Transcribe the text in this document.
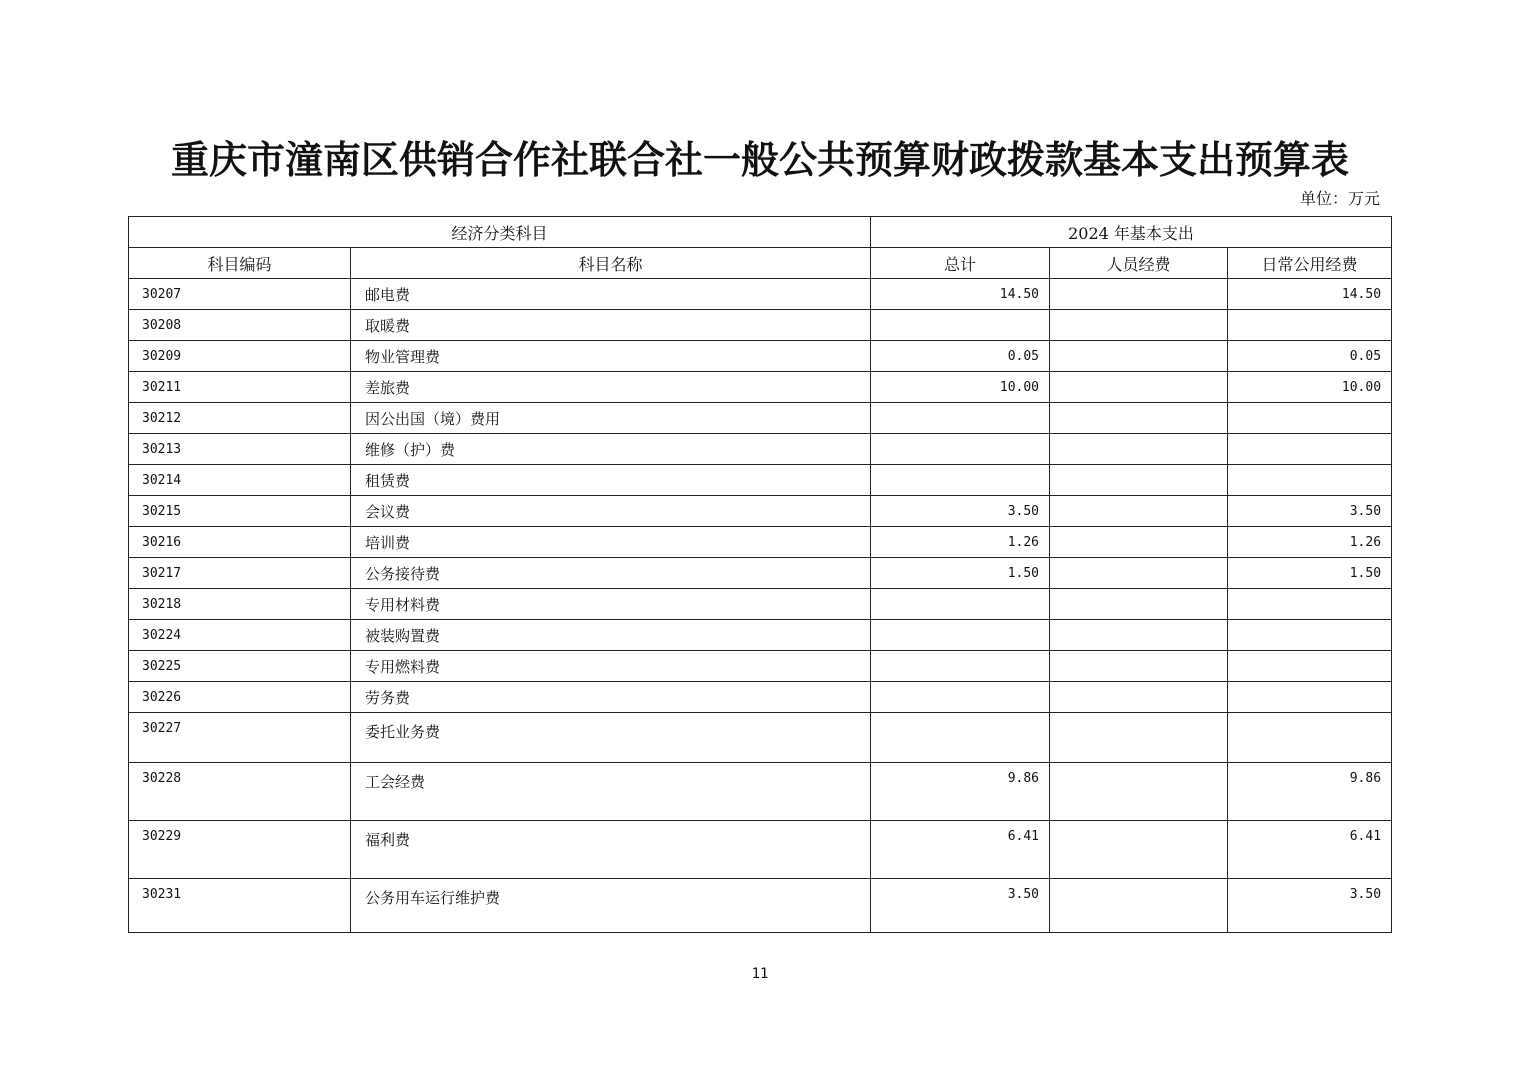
重庆市潼南区供销合作社联合社一般公共预算财政拨款基本支出预算表
单位：万元
经济分类科目		2024 年基本支出		
科目编码	科目名称	总计	人员经费	日常公用经费
30207	邮电费	14.50		14.50
30208	取暖费			
30209	物业管理费	0.05		0.05
30211	差旅费	10.00		10.00
30212	因公出国（境）费用			
30213	维修（护）费			
30214	租赁费			
30215	会议费	3.50		3.50
30216	培训费	1.26		1.26
30217	公务接待费	1.50		1.50
30218	专用材料费			
30224	被装购置费			
30225	专用燃料费			
30226	劳务费			
30227	委托业务费			
30228	工会经费	9.86		9.86
30229	福利费	6.41		6.41
30231	公务用车运行维护费	3.50		3.50
11
